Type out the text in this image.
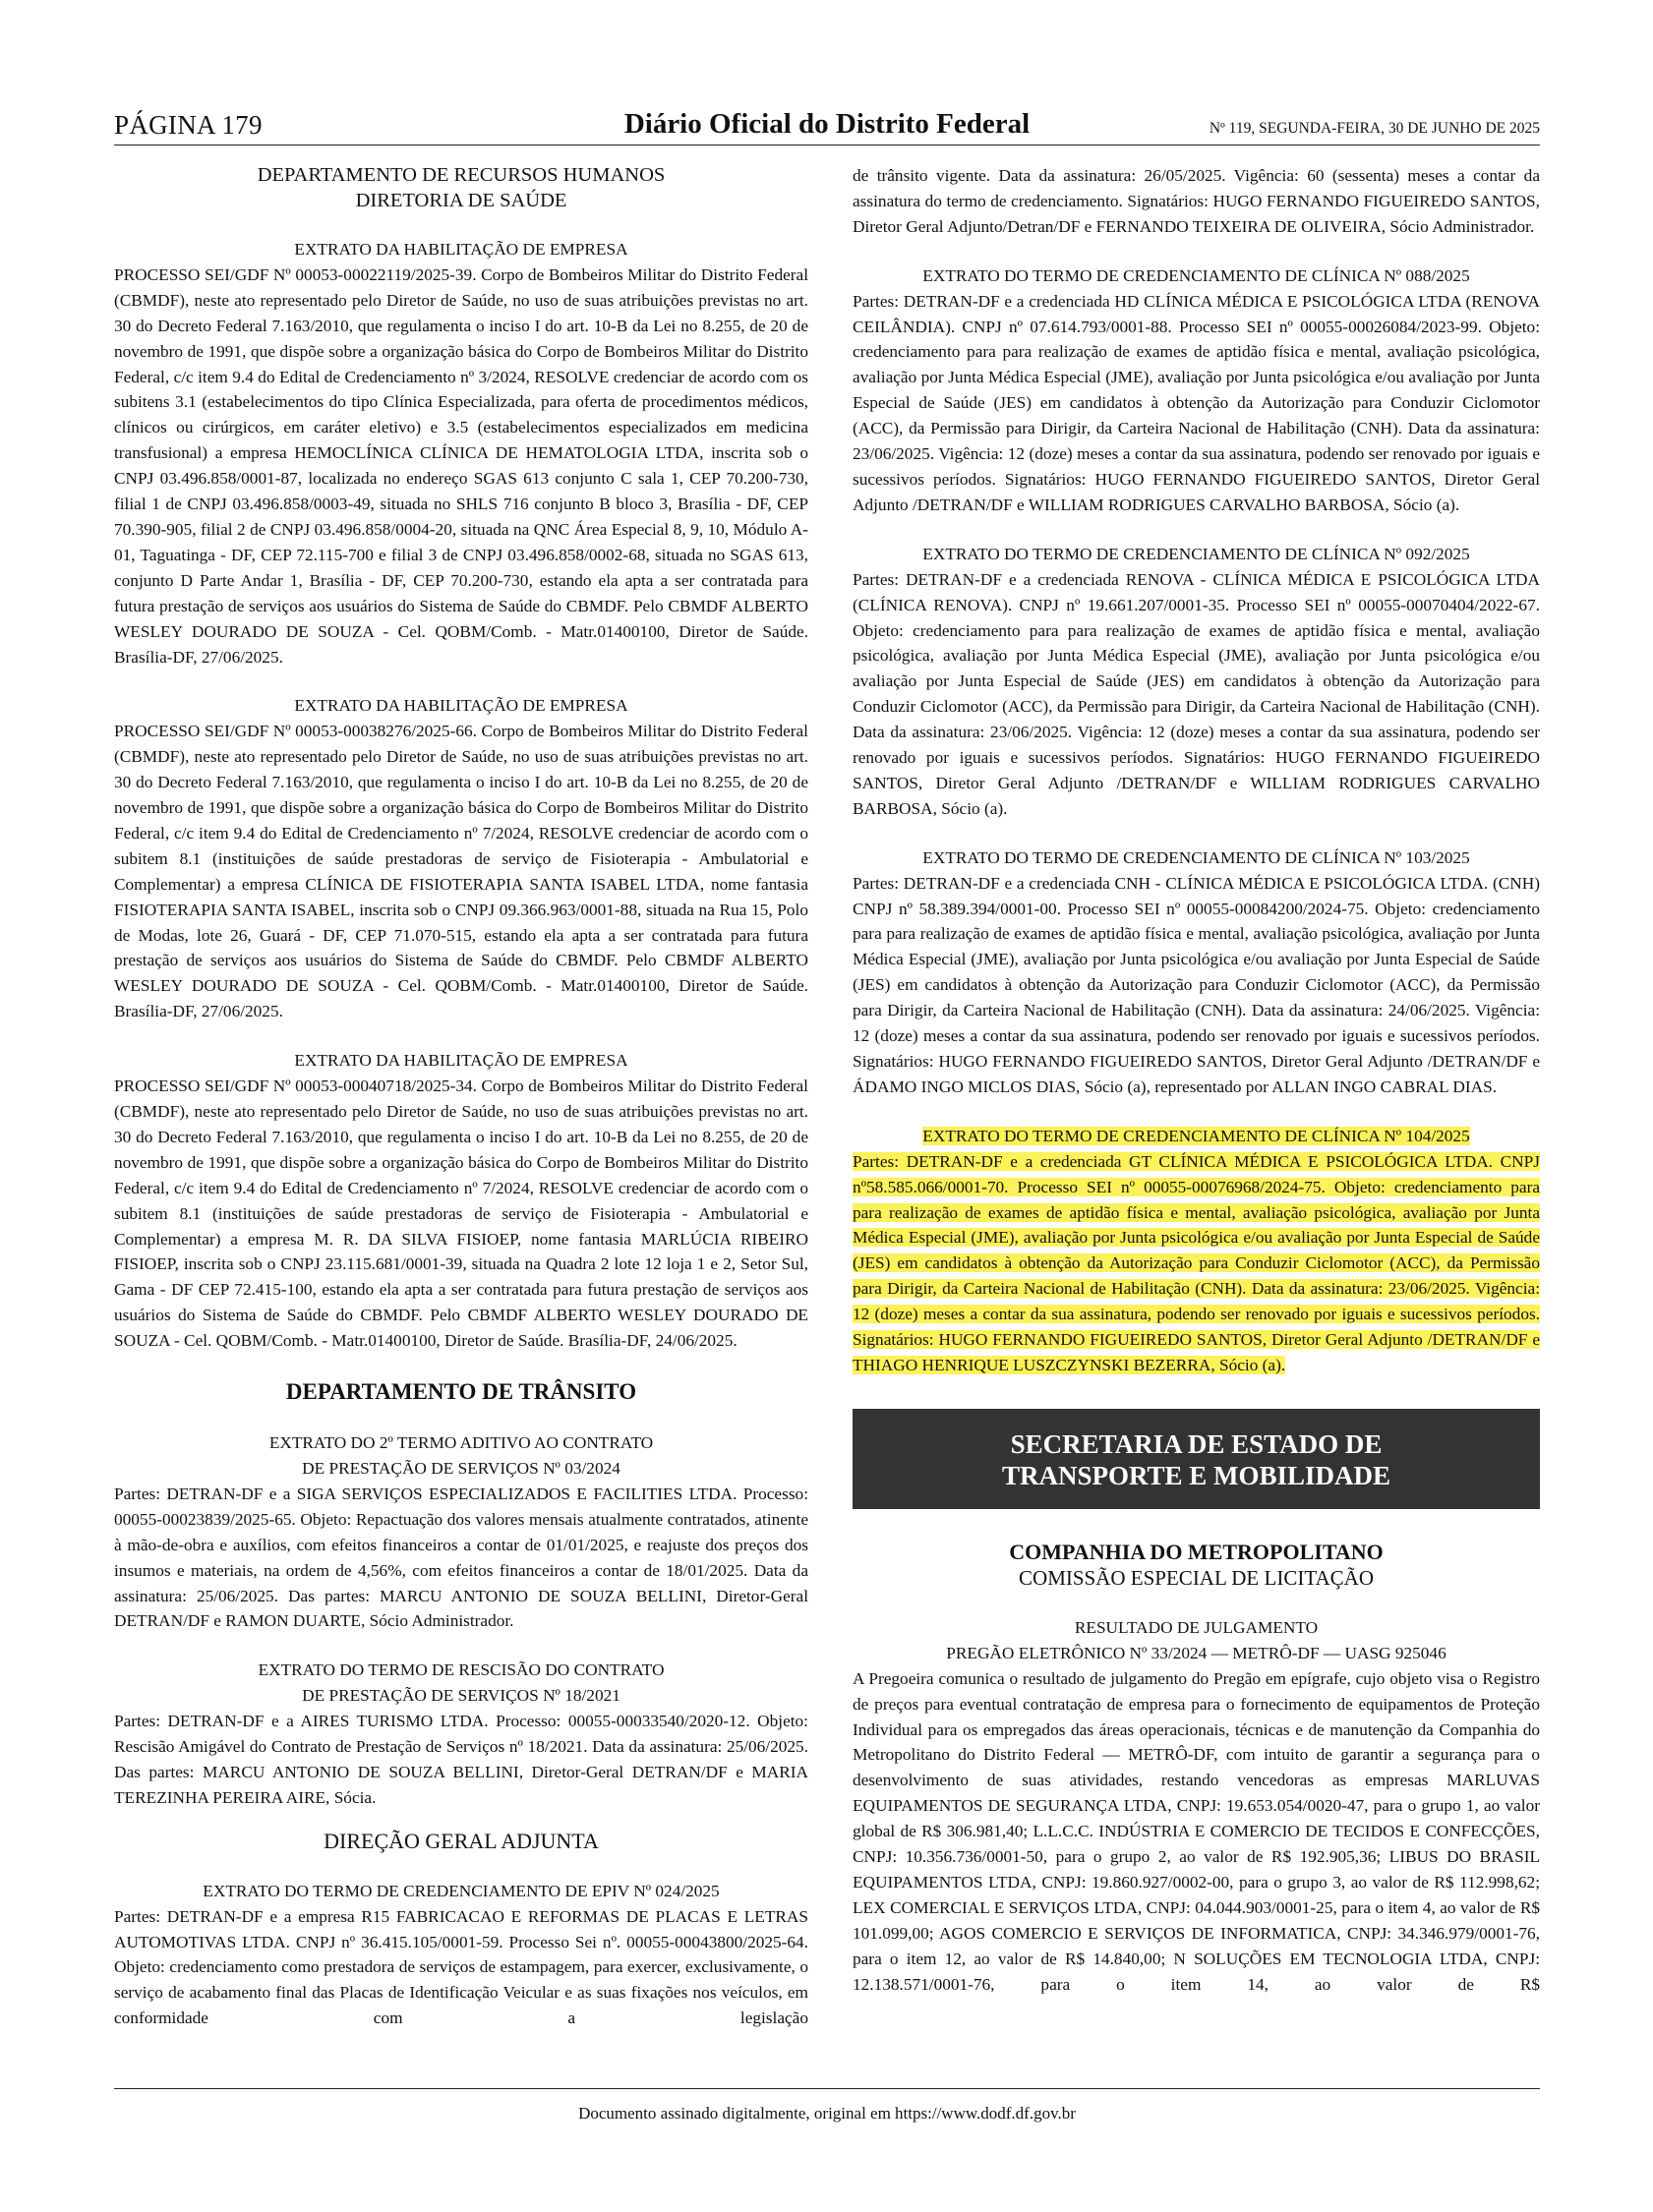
PÁGINA 179	Diário Oficial do Distrito Federal	Nº 119, SEGUNDA-FEIRA, 30 DE JUNHO DE 2025
DEPARTAMENTO DE RECURSOS HUMANOS
DIRETORIA DE SAÚDE
EXTRATO DA HABILITAÇÃO DE EMPRESA

PROCESSO SEI/GDF Nº 00053-00022119/2025-39. Corpo de Bombeiros Militar do Distrito Federal (CBMDF), neste ato representado pelo Diretor de Saúde, no uso de suas atribuições previstas no art. 30 do Decreto Federal 7.163/2010, que regulamenta o inciso I do art. 10-B da Lei no 8.255, de 20 de novembro de 1991, que dispõe sobre a organização básica do Corpo de Bombeiros Militar do Distrito Federal, c/c item 9.4 do Edital de Credenciamento nº 3/2024, RESOLVE credenciar de acordo com os subitens 3.1 (estabelecimentos do tipo Clínica Especializada, para oferta de procedimentos médicos, clínicos ou cirúrgicos, em caráter eletivo) e 3.5 (estabelecimentos especializados em medicina transfusional) a empresa HEMOCLÍNICA CLÍNICA DE HEMATOLOGIA LTDA, inscrita sob o CNPJ 03.496.858/0001-87, localizada no endereço SGAS 613 conjunto C sala 1, CEP 70.200-730, filial 1 de CNPJ 03.496.858/0003-49, situada no SHLS 716 conjunto B bloco 3, Brasília - DF, CEP 70.390-905, filial 2 de CNPJ 03.496.858/0004-20, situada na QNC Área Especial 8, 9, 10, Módulo A-01, Taguatinga - DF, CEP 72.115-700 e filial 3 de CNPJ 03.496.858/0002-68, situada no SGAS 613, conjunto D Parte Andar 1, Brasília - DF, CEP 70.200-730, estando ela apta a ser contratada para futura prestação de serviços aos usuários do Sistema de Saúde do CBMDF. Pelo CBMDF ALBERTO WESLEY DOURADO DE SOUZA - Cel. QOBM/Comb. - Matr.01400100, Diretor de Saúde. Brasília-DF, 27/06/2025.

EXTRATO DA HABILITAÇÃO DE EMPRESA

PROCESSO SEI/GDF Nº 00053-00038276/2025-66. Corpo de Bombeiros Militar do Distrito Federal (CBMDF), neste ato representado pelo Diretor de Saúde, no uso de suas atribuições previstas no art. 30 do Decreto Federal 7.163/2010, que regulamenta o inciso I do art. 10-B da Lei no 8.255, de 20 de novembro de 1991, que dispõe sobre a organização básica do Corpo de Bombeiros Militar do Distrito Federal, c/c item 9.4 do Edital de Credenciamento nº 7/2024, RESOLVE credenciar de acordo com o subitem 8.1 (instituições de saúde prestadoras de serviço de Fisioterapia - Ambulatorial e Complementar) a empresa CLÍNICA DE FISIOTERAPIA SANTA ISABEL LTDA, nome fantasia FISIOTERAPIA SANTA ISABEL, inscrita sob o CNPJ 09.366.963/0001-88, situada na Rua 15, Polo de Modas, lote 26, Guará - DF, CEP 71.070-515, estando ela apta a ser contratada para futura prestação de serviços aos usuários do Sistema de Saúde do CBMDF. Pelo CBMDF ALBERTO WESLEY DOURADO DE SOUZA - Cel. QOBM/Comb. - Matr.01400100, Diretor de Saúde. Brasília-DF, 27/06/2025.

EXTRATO DA HABILITAÇÃO DE EMPRESA

PROCESSO SEI/GDF Nº 00053-00040718/2025-34. Corpo de Bombeiros Militar do Distrito Federal (CBMDF), neste ato representado pelo Diretor de Saúde, no uso de suas atribuições previstas no art. 30 do Decreto Federal 7.163/2010, que regulamenta o inciso I do art. 10-B da Lei no 8.255, de 20 de novembro de 1991, que dispõe sobre a organização básica do Corpo de Bombeiros Militar do Distrito Federal, c/c item 9.4 do Edital de Credenciamento nº 7/2024, RESOLVE credenciar de acordo com o subitem 8.1 (instituições de saúde prestadoras de serviço de Fisioterapia - Ambulatorial e Complementar) a empresa M. R. DA SILVA FISIOEP, nome fantasia MARLÚCIA RIBEIRO FISIOEP, inscrita sob o CNPJ 23.115.681/0001-39, situada na Quadra 2 lote 12 loja 1 e 2, Setor Sul, Gama - DF CEP 72.415-100, estando ela apta a ser contratada para futura prestação de serviços aos usuários do Sistema de Saúde do CBMDF. Pelo CBMDF ALBERTO WESLEY DOURADO DE SOUZA - Cel. QOBM/Comb. - Matr.01400100, Diretor de Saúde. Brasília-DF, 24/06/2025.

DEPARTAMENTO DE TRÂNSITO
EXTRATO DO 2º TERMO ADITIVO AO CONTRATO
DE PRESTAÇÃO DE SERVIÇOS Nº 03/2024

Partes: DETRAN-DF e a SIGA SERVIÇOS ESPECIALIZADOS E FACILITIES LTDA. Processo: 00055-00023839/2025-65. Objeto: Repactuação dos valores mensais atualmente contratados, atinente à mão-de-obra e auxílios, com efeitos financeiros a contar de 01/01/2025, e reajuste dos preços dos insumos e materiais, na ordem de 4,56%, com efeitos financeiros a contar de 18/01/2025. Data da assinatura: 25/06/2025. Das partes: MARCU ANTONIO DE SOUZA BELLINI, Diretor-Geral DETRAN/DF e RAMON DUARTE, Sócio Administrador.

EXTRATO DO TERMO DE RESCISÃO DO CONTRATO
DE PRESTAÇÃO DE SERVIÇOS Nº 18/2021

Partes: DETRAN-DF e a AIRES TURISMO LTDA. Processo: 00055-00033540/2020-12. Objeto: Rescisão Amigável do Contrato de Prestação de Serviços nº 18/2021. Data da assinatura: 25/06/2025. Das partes: MARCU ANTONIO DE SOUZA BELLINI, Diretor-Geral DETRAN/DF e MARIA TEREZINHA PEREIRA AIRE, Sócia.

DIREÇÃO GERAL ADJUNTA
EXTRATO DO TERMO DE CREDENCIAMENTO DE EPIV Nº 024/2025

Partes: DETRAN-DF e a empresa R15 FABRICACAO E REFORMAS DE PLACAS E LETRAS AUTOMOTIVAS LTDA. CNPJ nº 36.415.105/0001-59. Processo Sei nº. 00055-00043800/2025-64. Objeto: credenciamento como prestadora de serviços de estampagem, para exercer, exclusivamente, o serviço de acabamento final das Placas de Identificação Veicular e as suas fixações nos veículos, em conformidade com a legislação

de trânsito vigente. Data da assinatura: 26/05/2025. Vigência: 60 (sessenta) meses a contar da assinatura do termo de credenciamento. Signatários: HUGO FERNANDO FIGUEIREDO SANTOS, Diretor Geral Adjunto/Detran/DF e FERNANDO TEIXEIRA DE OLIVEIRA, Sócio Administrador.

EXTRATO DO TERMO DE CREDENCIAMENTO DE CLÍNICA Nº 088/2025

Partes: DETRAN-DF e a credenciada HD CLÍNICA MÉDICA E PSICOLÓGICA LTDA (RENOVA CEILÂNDIA). CNPJ nº 07.614.793/0001-88. Processo SEI nº 00055-00026084/2023-99. Objeto: credenciamento para para realização de exames de aptidão física e mental, avaliação psicológica, avaliação por Junta Médica Especial (JME), avaliação por Junta psicológica e/ou avaliação por Junta Especial de Saúde (JES) em candidatos à obtenção da Autorização para Conduzir Ciclomotor (ACC), da Permissão para Dirigir, da Carteira Nacional de Habilitação (CNH). Data da assinatura: 23/06/2025. Vigência: 12 (doze) meses a contar da sua assinatura, podendo ser renovado por iguais e sucessivos períodos. Signatários: HUGO FERNANDO FIGUEIREDO SANTOS, Diretor Geral Adjunto /DETRAN/DF e WILLIAM RODRIGUES CARVALHO BARBOSA, Sócio (a).

EXTRATO DO TERMO DE CREDENCIAMENTO DE CLÍNICA Nº 092/2025

Partes: DETRAN-DF e a credenciada RENOVA - CLÍNICA MÉDICA E PSICOLÓGICA LTDA (CLÍNICA RENOVA). CNPJ nº 19.661.207/0001-35. Processo SEI nº 00055-00070404/2022-67. Objeto: credenciamento para para realização de exames de aptidão física e mental, avaliação psicológica, avaliação por Junta Médica Especial (JME), avaliação por Junta psicológica e/ou avaliação por Junta Especial de Saúde (JES) em candidatos à obtenção da Autorização para Conduzir Ciclomotor (ACC), da Permissão para Dirigir, da Carteira Nacional de Habilitação (CNH). Data da assinatura: 23/06/2025. Vigência: 12 (doze) meses a contar da sua assinatura, podendo ser renovado por iguais e sucessivos períodos. Signatários: HUGO FERNANDO FIGUEIREDO SANTOS, Diretor Geral Adjunto /DETRAN/DF e WILLIAM RODRIGUES CARVALHO BARBOSA, Sócio (a).

EXTRATO DO TERMO DE CREDENCIAMENTO DE CLÍNICA Nº 103/2025

Partes: DETRAN-DF e a credenciada CNH - CLÍNICA MÉDICA E PSICOLÓGICA LTDA. (CNH) CNPJ nº 58.389.394/0001-00. Processo SEI nº 00055-00084200/2024-75. Objeto: credenciamento para para realização de exames de aptidão física e mental, avaliação psicológica, avaliação por Junta Médica Especial (JME), avaliação por Junta psicológica e/ou avaliação por Junta Especial de Saúde (JES) em candidatos à obtenção da Autorização para Conduzir Ciclomotor (ACC), da Permissão para Dirigir, da Carteira Nacional de Habilitação (CNH). Data da assinatura: 24/06/2025. Vigência: 12 (doze) meses a contar da sua assinatura, podendo ser renovado por iguais e sucessivos períodos. Signatários: HUGO FERNANDO FIGUEIREDO SANTOS, Diretor Geral Adjunto /DETRAN/DF e ÁDAMO INGO MICLOS DIAS, Sócio (a), representado por ALLAN INGO CABRAL DIAS.

EXTRATO DO TERMO DE CREDENCIAMENTO DE CLÍNICA Nº 104/2025

Partes: DETRAN-DF e a credenciada GT CLÍNICA MÉDICA E PSICOLÓGICA LTDA. CNPJ nº58.585.066/0001-70. Processo SEI nº 00055-00076968/2024-75. Objeto: credenciamento para para realização de exames de aptidão física e mental, avaliação psicológica, avaliação por Junta Médica Especial (JME), avaliação por Junta psicológica e/ou avaliação por Junta Especial de Saúde (JES) em candidatos à obtenção da Autorização para Conduzir Ciclomotor (ACC), da Permissão para Dirigir, da Carteira Nacional de Habilitação (CNH). Data da assinatura: 23/06/2025. Vigência: 12 (doze) meses a contar da sua assinatura, podendo ser renovado por iguais e sucessivos períodos. Signatários: HUGO FERNANDO FIGUEIREDO SANTOS, Diretor Geral Adjunto /DETRAN/DF e THIAGO HENRIQUE LUSZCZYNSKI BEZERRA, Sócio (a).

SECRETARIA DE ESTADO DE
TRANSPORTE E MOBILIDADE
COMPANHIA DO METROPOLITANO
COMISSÃO ESPECIAL DE LICITAÇÃO
RESULTADO DE JULGAMENTO
PREGÃO ELETRÔNICO Nº 33/2024 — METRÔ-DF — UASG 925046

A Pregoeira comunica o resultado de julgamento do Pregão em epígrafe, cujo objeto visa o Registro de preços para eventual contratação de empresa para o fornecimento de equipamentos de Proteção Individual para os empregados das áreas operacionais, técnicas e de manutenção da Companhia do Metropolitano do Distrito Federal — METRÔ-DF, com intuito de garantir a segurança para o desenvolvimento de suas atividades, restando vencedoras as empresas MARLUVAS EQUIPAMENTOS DE SEGURANÇA LTDA, CNPJ: 19.653.054/0020-47, para o grupo 1, ao valor global de R$ 306.981,40; L.L.C.C. INDÚSTRIA E COMERCIO DE TECIDOS E CONFECÇÕES, CNPJ: 10.356.736/0001-50, para o grupo 2, ao valor de R$ 192.905,36; LIBUS DO BRASIL EQUIPAMENTOS LTDA, CNPJ: 19.860.927/0002-00, para o grupo 3, ao valor de R$ 112.998,62; LEX COMERCIAL E SERVIÇOS LTDA, CNPJ: 04.044.903/0001-25, para o item 4, ao valor de R$ 101.099,00; AGOS COMERCIO E SERVIÇOS DE INFORMATICA, CNPJ: 34.346.979/0001-76, para o item 12, ao valor de R$ 14.840,00; N SOLUÇÕES EM TECNOLOGIA LTDA, CNPJ: 12.138.571/0001-76, para o item 14, ao valor de R$

Documento assinado digitalmente, original em https://www.dodf.df.gov.br
